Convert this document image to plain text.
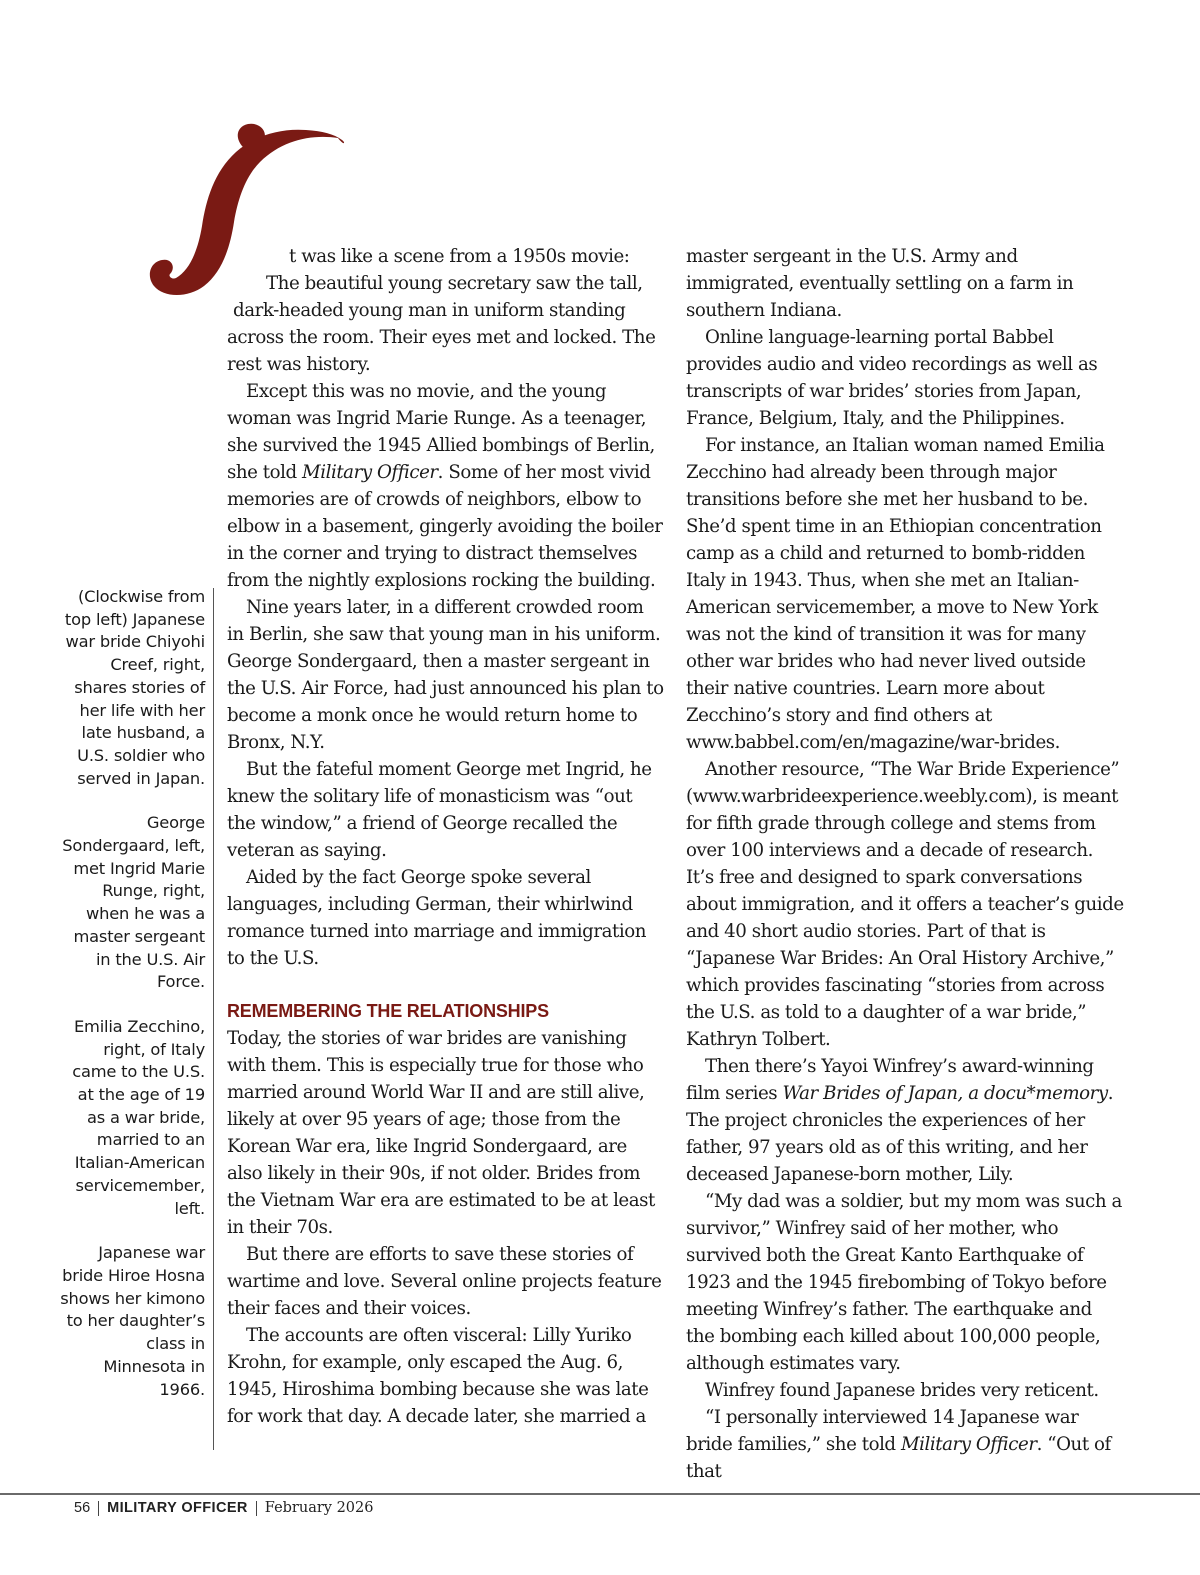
t was like a scene from a 1950s movie:
The beautiful young secretary saw the tall,
dark-headed young man in uniform standing

across the room. Their eyes met and locked. The rest was history.

Except this was no movie, and the young woman was Ingrid Marie Runge. As a teenager, she survived the 1945 Allied bombings of Berlin, she told Military Officer. Some of her most vivid memories are of crowds of neighbors, elbow to elbow in a basement, gingerly avoiding the boiler in the corner and trying to distract themselves from the nightly explosions rocking the building.

Nine years later, in a different crowded room in Berlin, she saw that young man in his uniform. George Sondergaard, then a master sergeant in the U.S. Air Force, had just announced his plan to become a monk once he would return home to Bronx, N.Y.

But the fateful moment George met Ingrid, he knew the solitary life of monasticism was “out the window,” a friend of George recalled the veteran as saying.

Aided by the fact George spoke several languages, including German, their whirlwind romance turned into marriage and immigration to the U.S.

REMEMBERING THE RELATIONSHIPS

Today, the stories of war brides are vanishing with them. This is especially true for those who married around World War II and are still alive, likely at over 95 years of age; those from the Korean War era, like Ingrid Sondergaard, are also likely in their 90s, if not older. Brides from the Vietnam War era are estimated to be at least in their 70s.

But there are efforts to save these stories of wartime and love. Several online projects feature their faces and their voices.

The accounts are often visceral: Lilly Yuriko Krohn, for example, only escaped the Aug. 6, 1945, Hiroshima bombing because she was late for work that day. A decade later, she married a

master sergeant in the U.S. Army and immigrated, eventually settling on a farm in southern Indiana.

Online language-learning portal Babbel provides audio and video recordings as well as transcripts of war brides’ stories from Japan, France, Belgium, Italy, and the Philippines.

For instance, an Italian woman named Emilia Zecchino had already been through major transitions before she met her husband to be. She’d spent time in an Ethiopian concentration camp as a child and returned to bomb-ridden Italy in 1943. Thus, when she met an Italian-American servicemember, a move to New York was not the kind of transition it was for many other war brides who had never lived outside their native countries. Learn more about Zecchino’s story and find others at www.babbel.com/en/magazine/war-brides.

Another resource, “The War Bride Experience” (www.warbrideexperience.weebly.com), is meant for fifth grade through college and stems from over 100 interviews and a decade of research. It’s free and designed to spark conversations about immigration, and it offers a teacher’s guide and 40 short audio stories. Part of that is “Japanese War Brides: An Oral History Archive,” which provides fascinating “stories from across the U.S. as told to a daughter of a war bride,” Kathryn Tolbert.

Then there’s Yayoi Winfrey’s award-winning film series War Brides of Japan, a docu*memory. The project chronicles the experiences of her father, 97 years old as of this writing, and her deceased Japanese-born mother, Lily.

“My dad was a soldier, but my mom was such a survivor,” Winfrey said of her mother, who survived both the Great Kanto Earthquake of 1923 and the 1945 firebombing of Tokyo before meeting Winfrey’s father. The earthquake and the bombing each killed about 100,000 people, although estimates vary.

Winfrey found Japanese brides very reticent.

“I personally interviewed 14 Japanese war bride families,” she told Military Officer. “Out of that

(Clockwise from top left) Japanese war bride Chiyohi Creef, right, shares stories of her life with her late husband, a U.S. soldier who served in Japan.

George Sondergaard, left, met Ingrid Marie Runge, right, when he was a master sergeant in the U.S. Air Force.

Emilia Zecchino, right, of Italy came to the U.S. at the age of 19 as a war bride, married to an Italian-American servicemember, left.

Japanese war bride Hiroe Hosna shows her kimono to her daughter’s class in Minnesota in 1966.

56 MILITARY OFFICER February 2026
